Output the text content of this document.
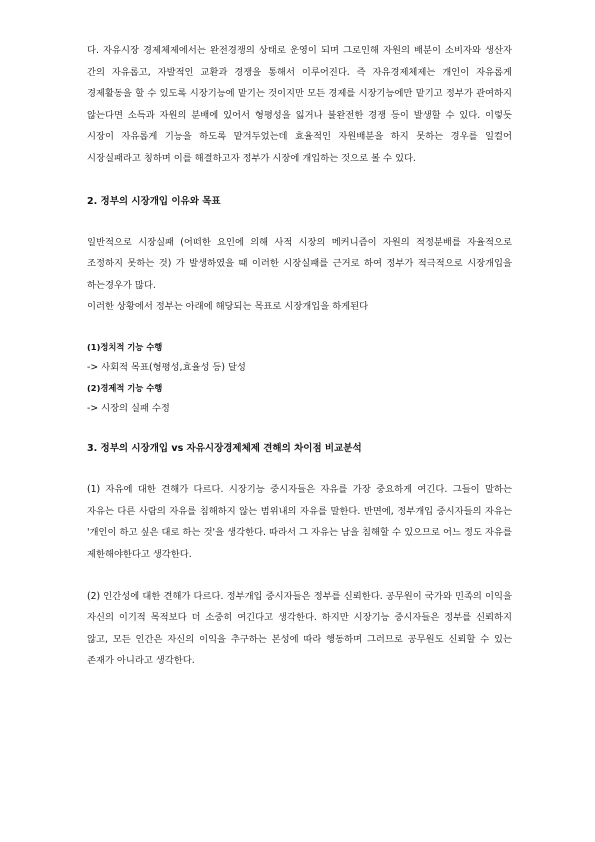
다. 자유시장 경제체제에서는 완전경쟁의 상태로 운영이 되며 그로인해 자원의 배분이 소비자와 생산자 간의 자유롭고, 자발적인 교환과 경쟁을 통해서 이루어진다. 즉 자유경제체제는 개인이 자유롭게 경제활동을 할 수 있도록 시장기능에 맡기는 것이지만 모든 경제를 시장기능에만 맡기고 정부가 관여하지 않는다면 소득과 자원의 분배에 있어서 형평성을 잃거나 불완전한 경쟁 등이 발생할 수 있다. 이렇듯 시장이 자유롭게 기능을 하도록 맡겨두었는데 효율적인 자원배분을 하지 못하는 경우를 일컬어 시장실패라고 칭하며 이를 해결하고자 정부가 시장에 개입하는 것으로 볼 수 있다.

2. 정부의 시장개입 이유와 목표

일반적으로 시장실패 (어떠한 요인에 의해 사적 시장의 메커니즘이 자원의 적정분배를 자율적으로 조정하지 못하는 것) 가 발생하였을 때 이러한 시장실패를 근거로 하여 정부가 적극적으로 시장개입을 하는경우가 많다.

이러한 상황에서 정부는 아래에 해당되는 목표로 시장개입을 하게된다

(1)정치적 기능 수행

-> 사회적 목표(형평성,효율성 등) 달성

(2)경제적 기능 수행

-> 시장의 실패 수정

3. 정부의 시장개입 vs 자유시장경제체제 견해의 차이점 비교분석

(1) 자유에 대한 견해가 다르다. 시장기능 중시자들은 자유를 가장 중요하게 여긴다. 그들이 말하는 자유는 다른 사람의 자유를 침해하지 않는 범위내의 자유를 말한다. 반면에, 정부개입 중시자들의 자유는 '개인이 하고 싶은 대로 하는 것'을 생각한다. 따라서 그 자유는 남을 침해할 수 있으므로 어느 정도 자유를 제한해야한다고 생각한다.

(2) 인간성에 대한 견해가 다르다. 정부개입 중시자들은 정부를 신뢰한다. 공무원이 국가와 민족의 이익을 자신의 이기적 목적보다 더 소중히 여긴다고 생각한다. 하지만 시장기능 중시자들은 정부를 신뢰하지 않고, 모든 인간은 자신의 이익을 추구하는 본성에 따라 행동하며 그러므로 공무원도 신뢰할 수 있는 존재가 아니라고 생각한다.
